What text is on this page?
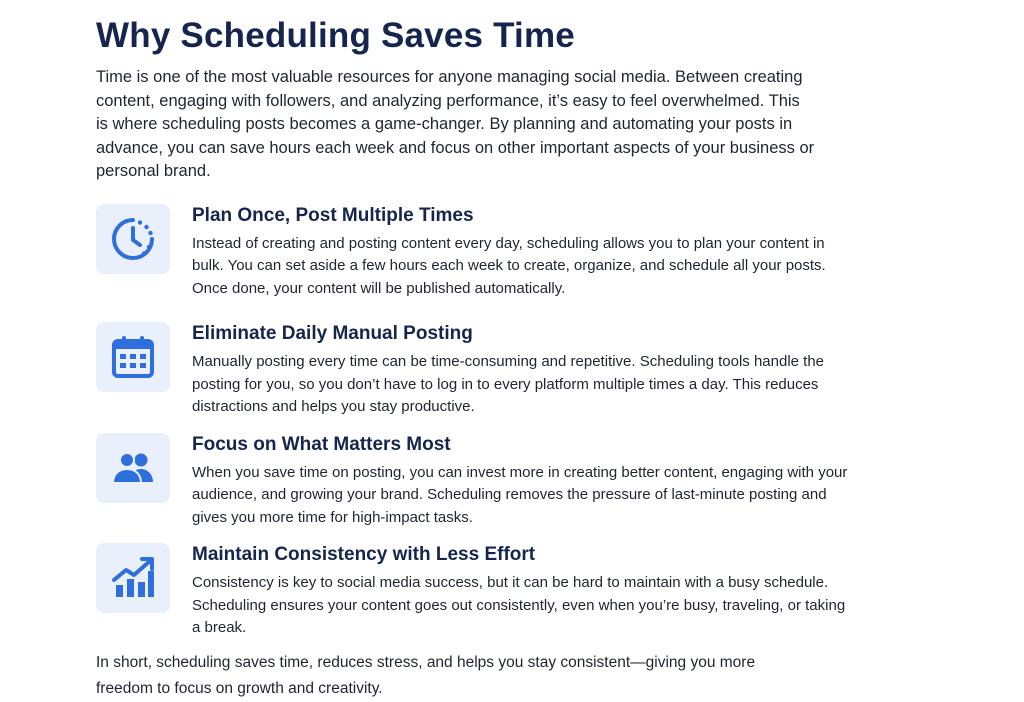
Why Scheduling Saves Time

Time is one of the most valuable resources for anyone managing social media. Between creating content, engaging with followers, and analyzing performance, it’s easy to feel overwhelmed. This is where scheduling posts becomes a game-changer. By planning and automating your posts in advance, you can save hours each week and focus on other important aspects of your business or personal brand.

Plan Once, Post Multiple Times

Instead of creating and posting content every day, scheduling allows you to plan your content in bulk. You can set aside a few hours each week to create, organize, and schedule all your posts. Once done, your content will be published automatically.

Eliminate Daily Manual Posting

Manually posting every time can be time-consuming and repetitive. Scheduling tools handle the posting for you, so you don’t have to log in to every platform multiple times a day. This reduces distractions and helps you stay productive.

Focus on What Matters Most

When you save time on posting, you can invest more in creating better content, engaging with your audience, and growing your brand. Scheduling removes the pressure of last-minute posting and gives you more time for high-impact tasks.

Maintain Consistency with Less Effort

Consistency is key to social media success, but it can be hard to maintain with a busy schedule. Scheduling ensures your content goes out consistently, even when you’re busy, traveling, or taking a break.

In short, scheduling saves time, reduces stress, and helps you stay consistent—giving you more freedom to focus on growth and creativity.
